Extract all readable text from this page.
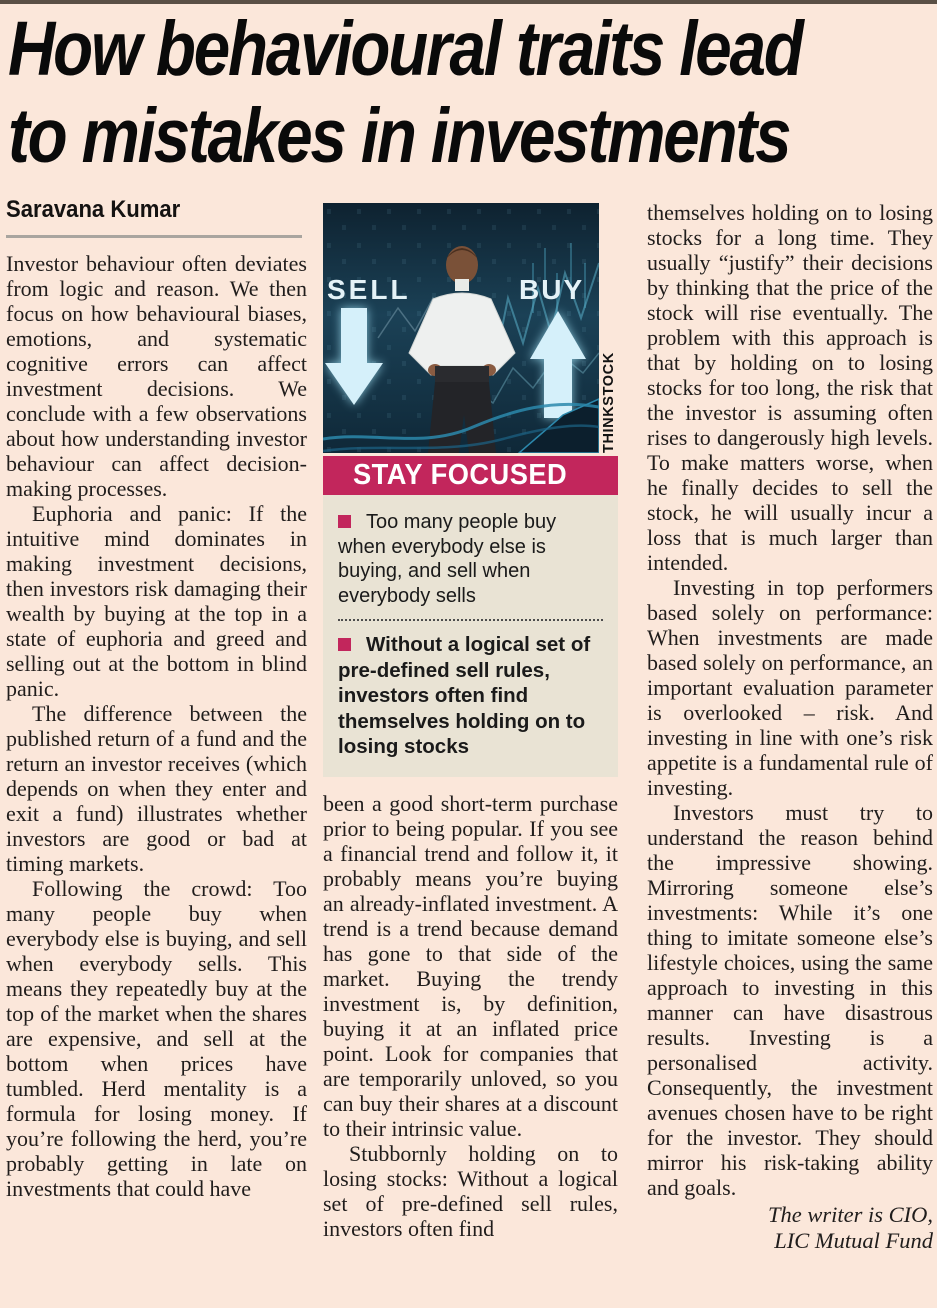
How behavioural traits lead
to mistakes in investments
Saravana Kumar

Investor behaviour often deviates from logic and reason. We then focus on how behavioural biases, emotions, and systematic cognitive errors can affect investment decisions. We conclude with a few observations about how understanding investor behaviour can affect decision-making processes.

Euphoria and panic: If the intuitive mind dominates in making investment decisions, then investors risk damaging their wealth by buying at the top in a state of euphoria and greed and selling out at the bottom in blind panic.

The difference between the published return of a fund and the return an investor receives (which depends on when they enter and exit a fund) illustrates whether investors are good or bad at timing markets.

Following the crowd: Too many people buy when everybody else is buying, and sell when everybody sells. This means they repeatedly buy at the top of the market when the shares are expensive, and sell at the bottom when prices have tumbled. Herd mentality is a formula for losing money. If you’re following the herd, you’re probably getting in late on investments that could have

SELL	BUY
THINKSTOCK
STAY FOCUSED

Too many people buy when everybody else is buying, and sell when everybody sells

Without a logical set of pre-defined sell rules, investors often find themselves holding on to losing stocks

been a good short-term purchase prior to being popular. If you see a financial trend and follow it, it probably means you’re buying an already-inflated investment. A trend is a trend because demand has gone to that side of the market. Buying the trendy investment is, by definition, buying it at an inflated price point. Look for companies that are temporarily unloved, so you can buy their shares at a discount to their intrinsic value.

Stubbornly holding on to losing stocks: Without a logical set of pre-defined sell rules, investors often find

themselves holding on to losing stocks for a long time. They usually “justify” their decisions by thinking that the price of the stock will rise eventually. The problem with this approach is that by holding on to losing stocks for too long, the risk that the investor is assuming often rises to dangerously high levels. To make matters worse, when he finally decides to sell the stock, he will usually incur a loss that is much larger than intended.

Investing in top performers based solely on performance: When investments are made based solely on performance, an important evaluation parameter is overlooked – risk. And investing in line with one’s risk appetite is a fundamental rule of investing.

Investors must try to understand the reason behind the impressive showing. Mirroring someone else’s investments: While it’s one thing to imitate someone else’s lifestyle choices, using the same approach to investing in this manner can have disastrous results. Investing is a personalised activity. Consequently, the investment avenues chosen have to be right for the investor. They should mirror his risk-taking ability and goals.

The writer is CIO,
LIC Mutual Fund
